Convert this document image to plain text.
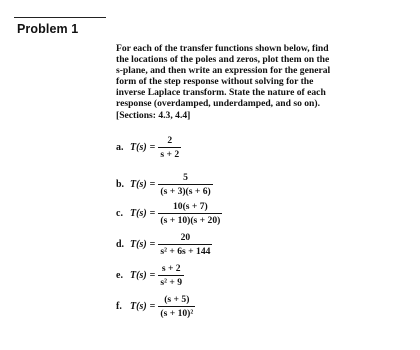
Problem 1
For each of the transfer functions shown below, find
the locations of the poles and zeros, plot them on the
s-plane, and then write an expression for the general
form of the step response without solving for the
inverse Laplace transform. State the nature of each
response (overdamped, underdamped, and so on).
[Sections: 4.3, 4.4]
a. $T(s) = \frac{2}{s + 2}$
b. $T(s) = \frac{5}{(s + 3)(s + 6)}$
c. $T(s) = \frac{10(s + 7)}{(s + 10)(s + 20)}$
d. $T(s) = \frac{20}{\text{s² + 6s + 144}}$
e. $T(s) = \frac{s + 2}{\text{s² + 9}}$
f. $T(s) = \frac{(s + 5)}{\text{(s + 10)²}}$
